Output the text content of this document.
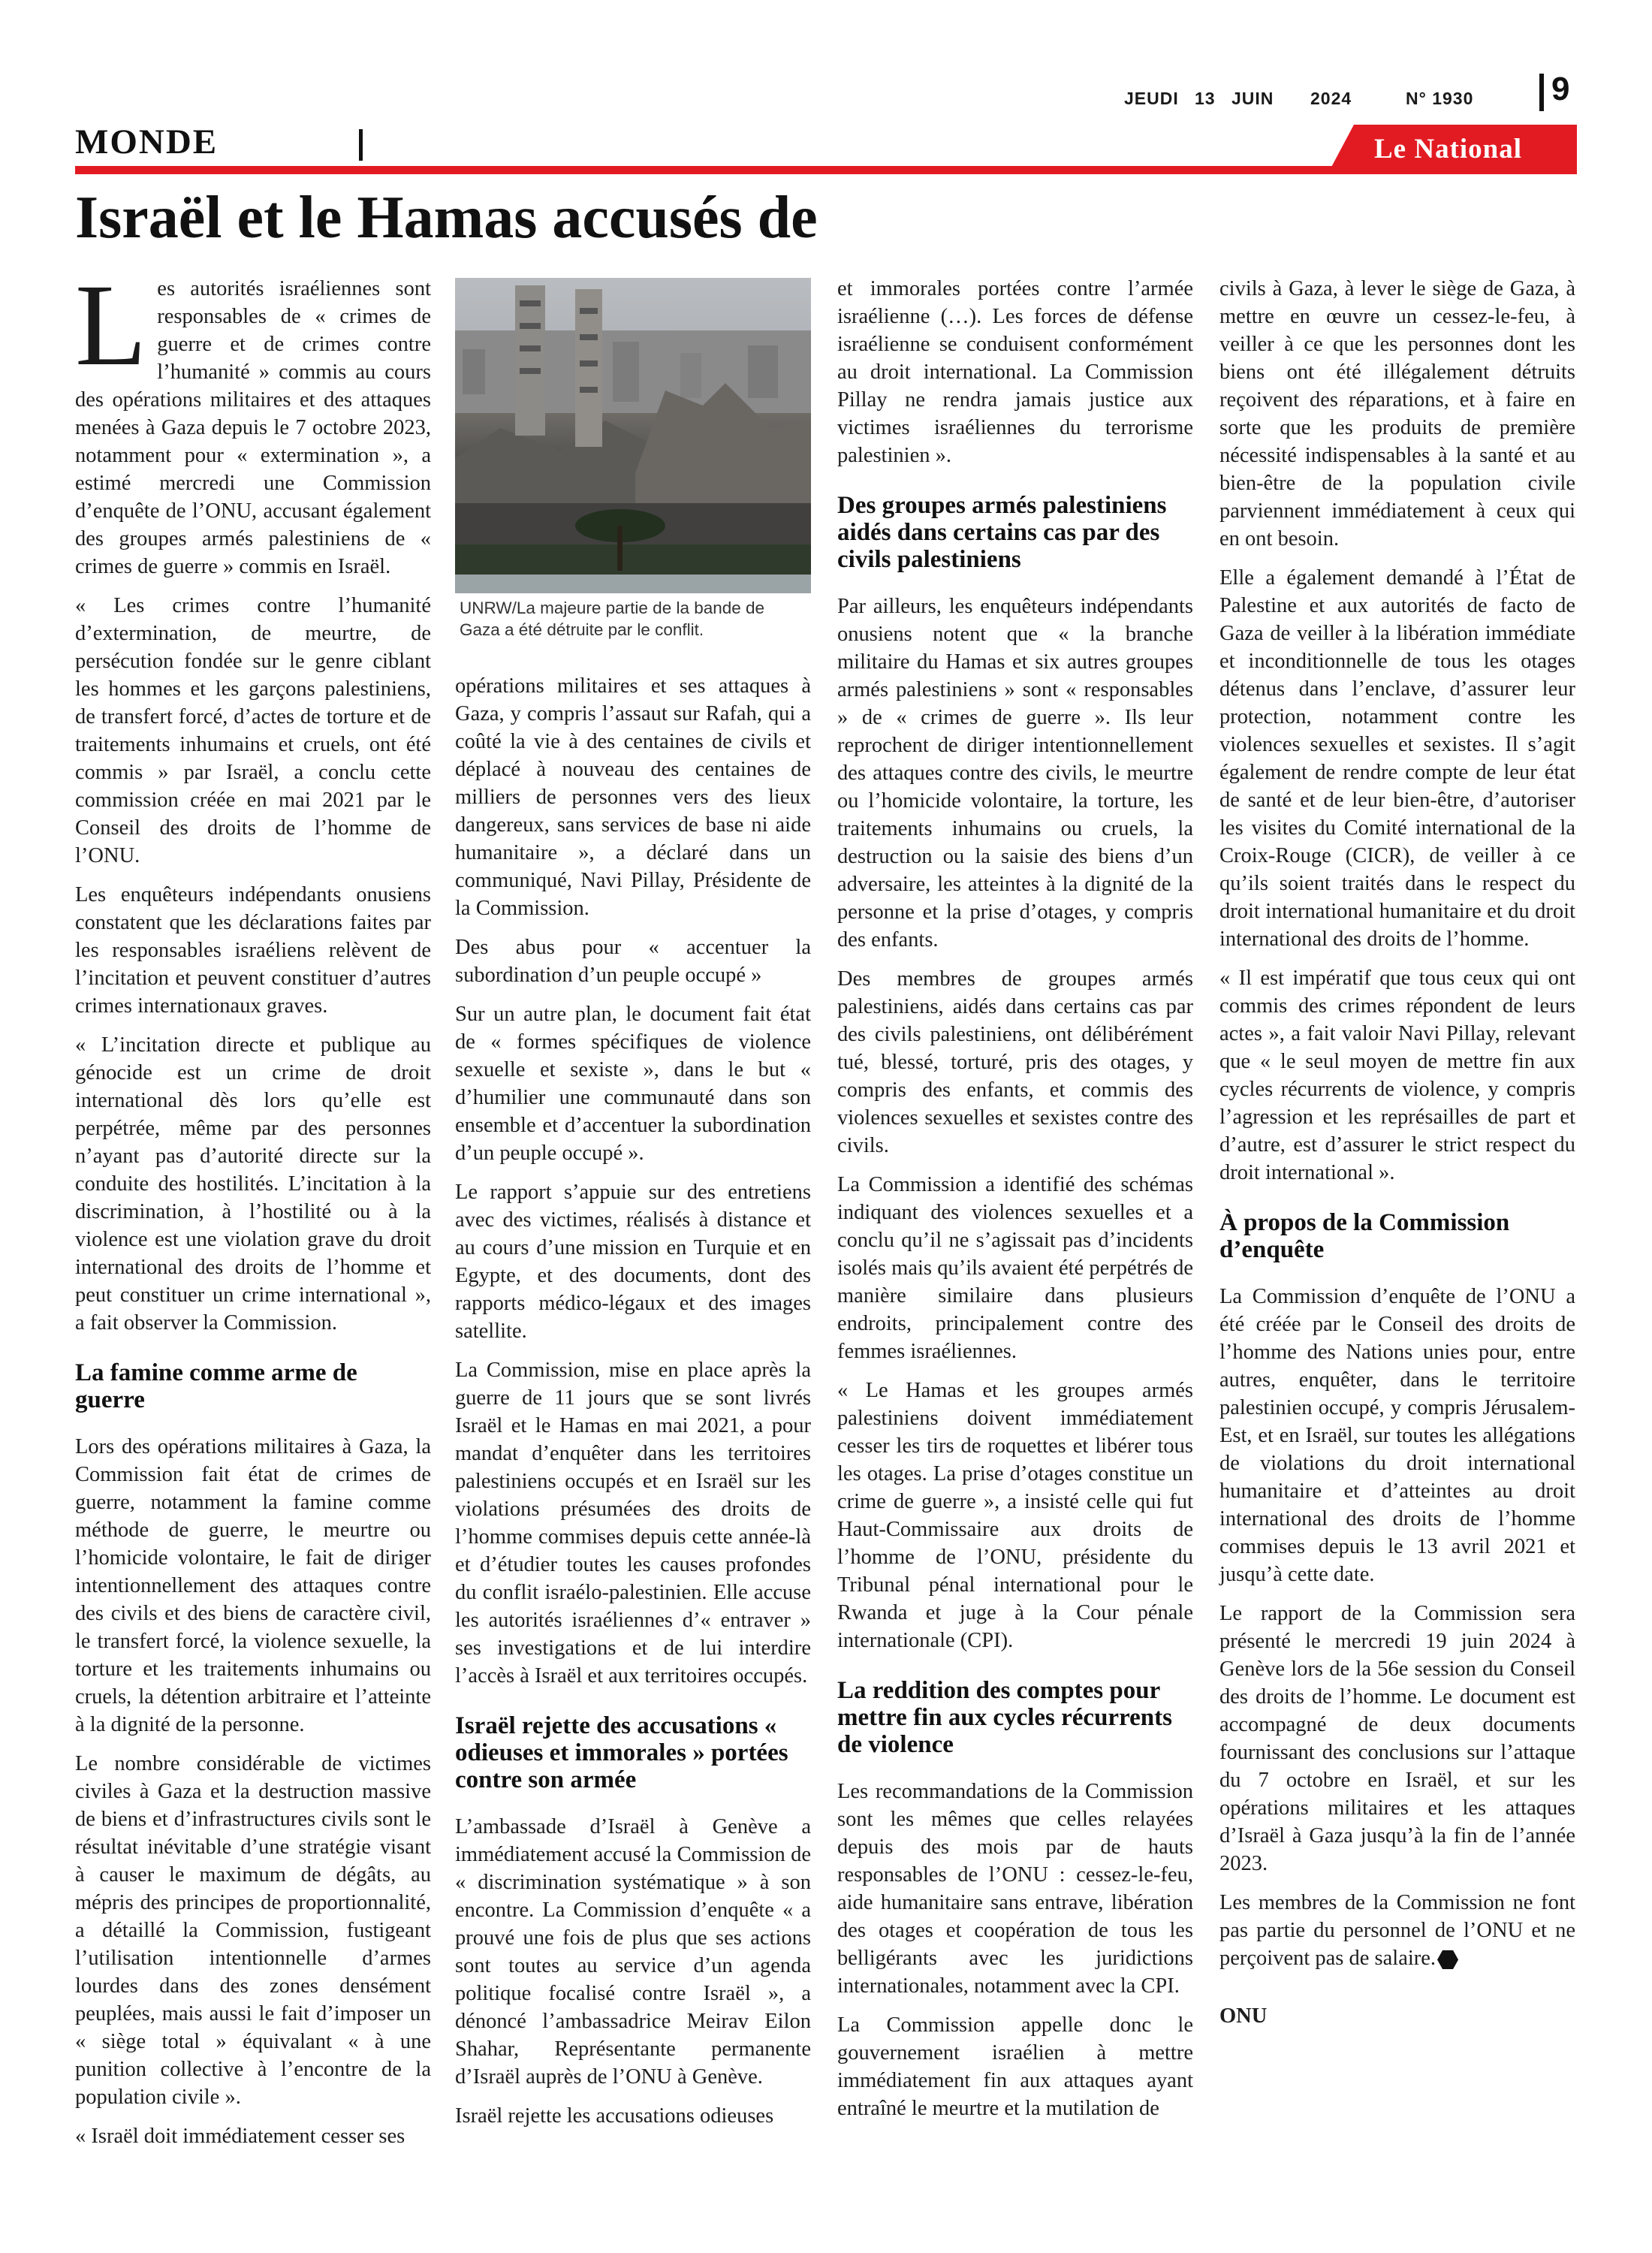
JEUDI 13 JUIN 2024	N° 1930 9
MONDE	Le National
Israël et le Hamas accusés de
UNRW/La majeure partie de la bande de Gaza a été détruite par le conflit.

Les autorités israéliennes sont responsables de « crimes de guerre et de crimes contre l’humanité » commis au cours des opérations militaires et des attaques menées à Gaza depuis le 7 octobre 2023, notamment pour « extermination », a estimé mercredi une Commission d’enquête de l’ONU, accusant également des groupes armés palestiniens de « crimes de guerre » commis en Israël.

« Les crimes contre l’humanité d’extermination, de meurtre, de persécution fondée sur le genre ciblant les hommes et les garçons palestiniens, de transfert forcé, d’actes de torture et de traitements inhumains et cruels, ont été commis » par Israël, a conclu cette commission créée en mai 2021 par le Conseil des droits de l’homme de l’ONU.

Les enquêteurs indépendants onusiens constatent que les déclarations faites par les responsables israéliens relèvent de l’incitation et peuvent constituer d’autres crimes internationaux graves.

« L’incitation directe et publique au génocide est un crime de droit international dès lors qu’elle est perpétrée, même par des personnes n’ayant pas d’autorité directe sur la conduite des hostilités. L’incitation à la discrimination, à l’hostilité ou à la violence est une violation grave du droit international des droits de l’homme et peut constituer un crime international », a fait observer la Commission.

La famine comme arme de guerre

Lors des opérations militaires à Gaza, la Commission fait état de crimes de guerre, notamment la famine comme méthode de guerre, le meurtre ou l’homicide volontaire, le fait de diriger intentionnellement des attaques contre des civils et des biens de caractère civil, le transfert forcé, la violence sexuelle, la torture et les traitements inhumains ou cruels, la détention arbitraire et l’atteinte à la dignité de la personne.

Le nombre considérable de victimes civiles à Gaza et la destruction massive de biens et d’infrastructures civils sont le résultat inévitable d’une stratégie visant à causer le maximum de dégâts, au mépris des principes de proportionnalité, a détaillé la Commission, fustigeant l’utilisation intentionnelle d’armes lourdes dans des zones densément peuplées, mais aussi le fait d’imposer un « siège total » équivalant « à une punition collective à l’encontre de la population civile ».

« Israël doit immédiatement cesser ses

opérations militaires et ses attaques à Gaza, y compris l’assaut sur Rafah, qui a coûté la vie à des centaines de civils et déplacé à nouveau des centaines de milliers de personnes vers des lieux dangereux, sans services de base ni aide humanitaire », a déclaré dans un communiqué, Navi Pillay, Présidente de la Commission.

Des abus pour « accentuer la subordination d’un peuple occupé »

Sur un autre plan, le document fait état de « formes spécifiques de violence sexuelle et sexiste », dans le but « d’humilier une communauté dans son ensemble et d’accentuer la subordination d’un peuple occupé ».

Le rapport s’appuie sur des entretiens avec des victimes, réalisés à distance et au cours d’une mission en Turquie et en Egypte, et des documents, dont des rapports médico-légaux et des images satellite.

La Commission, mise en place après la guerre de 11 jours que se sont livrés Israël et le Hamas en mai 2021, a pour mandat d’enquêter dans les territoires palestiniens occupés et en Israël sur les violations présumées des droits de l’homme commises depuis cette année-là et d’étudier toutes les causes profondes du conflit israélo-palestinien. Elle accuse les autorités israéliennes d’« entraver » ses investigations et de lui interdire l’accès à Israël et aux territoires occupés.

Israël rejette des accusations « odieuses et immorales » portées contre son armée

L’ambassade d’Israël à Genève a immédiatement accusé la Commission de « discrimination systématique » à son encontre. La Commission d’enquête « a prouvé une fois de plus que ses actions sont toutes au service d’un agenda politique focalisé contre Israël », a dénoncé l’ambassadrice Meirav Eilon Shahar, Représentante permanente d’Israël auprès de l’ONU à Genève.

Israël rejette les accusations odieuses

et immorales portées contre l’armée israélienne (…). Les forces de défense israélienne se conduisent conformément au droit international. La Commission Pillay ne rendra jamais justice aux victimes israéliennes du terrorisme palestinien ».

Des groupes armés palestiniens aidés dans certains cas par des civils palestiniens

Par ailleurs, les enquêteurs indépendants onusiens notent que « la branche militaire du Hamas et six autres groupes armés palestiniens » sont « responsables » de « crimes de guerre ». Ils leur reprochent de diriger intentionnellement des attaques contre des civils, le meurtre ou l’homicide volontaire, la torture, les traitements inhumains ou cruels, la destruction ou la saisie des biens d’un adversaire, les atteintes à la dignité de la personne et la prise d’otages, y compris des enfants.

Des membres de groupes armés palestiniens, aidés dans certains cas par des civils palestiniens, ont délibérément tué, blessé, torturé, pris des otages, y compris des enfants, et commis des violences sexuelles et sexistes contre des civils.

La Commission a identifié des schémas indiquant des violences sexuelles et a conclu qu’il ne s’agissait pas d’incidents isolés mais qu’ils avaient été perpétrés de manière similaire dans plusieurs endroits, principalement contre des femmes israéliennes.

« Le Hamas et les groupes armés palestiniens doivent immédiatement cesser les tirs de roquettes et libérer tous les otages. La prise d’otages constitue un crime de guerre », a insisté celle qui fut Haut-Commissaire aux droits de l’homme de l’ONU, présidente du Tribunal pénal international pour le Rwanda et juge à la Cour pénale internationale (CPI).

La reddition des comptes pour mettre fin aux cycles récurrents de violence

Les recommandations de la Commission sont les mêmes que celles relayées depuis des mois par de hauts responsables de l’ONU : cessez-le-feu, aide humanitaire sans entrave, libération des otages et coopération de tous les belligérants avec les juridictions internationales, notamment avec la CPI.

La Commission appelle donc le gouvernement israélien à mettre immédiatement fin aux attaques ayant entraîné le meurtre et la mutilation de

civils à Gaza, à lever le siège de Gaza, à mettre en œuvre un cessez-le-feu, à veiller à ce que les personnes dont les biens ont été illégalement détruits reçoivent des réparations, et à faire en sorte que les produits de première nécessité indispensables à la santé et au bien-être de la population civile parviennent immédiatement à ceux qui en ont besoin.

Elle a également demandé à l’État de Palestine et aux autorités de facto de Gaza de veiller à la libération immédiate et inconditionnelle de tous les otages détenus dans l’enclave, d’assurer leur protection, notamment contre les violences sexuelles et sexistes. Il s’agit également de rendre compte de leur état de santé et de leur bien-être, d’autoriser les visites du Comité international de la Croix-Rouge (CICR), de veiller à ce qu’ils soient traités dans le respect du droit international humanitaire et du droit international des droits de l’homme.

« Il est impératif que tous ceux qui ont commis des crimes répondent de leurs actes », a fait valoir Navi Pillay, relevant que « le seul moyen de mettre fin aux cycles récurrents de violence, y compris l’agression et les représailles de part et d’autre, est d’assurer le strict respect du droit international ».

À propos de la Commission d’enquête

La Commission d’enquête de l’ONU a été créée par le Conseil des droits de l’homme des Nations unies pour, entre autres, enquêter, dans le territoire palestinien occupé, y compris Jérusalem-Est, et en Israël, sur toutes les allégations de violations du droit international humanitaire et d’atteintes au droit international des droits de l’homme commises depuis le 13 avril 2021 et jusqu’à cette date.

Le rapport de la Commission sera présenté le mercredi 19 juin 2024 à Genève lors de la 56e session du Conseil des droits de l’homme. Le document est accompagné de deux documents fournissant des conclusions sur l’attaque du 7 octobre en Israël, et sur les opérations militaires et les attaques d’Israël à Gaza jusqu’à la fin de l’année 2023.

Les membres de la Commission ne font pas partie du personnel de l’ONU et ne perçoivent pas de salaire.

ONU
